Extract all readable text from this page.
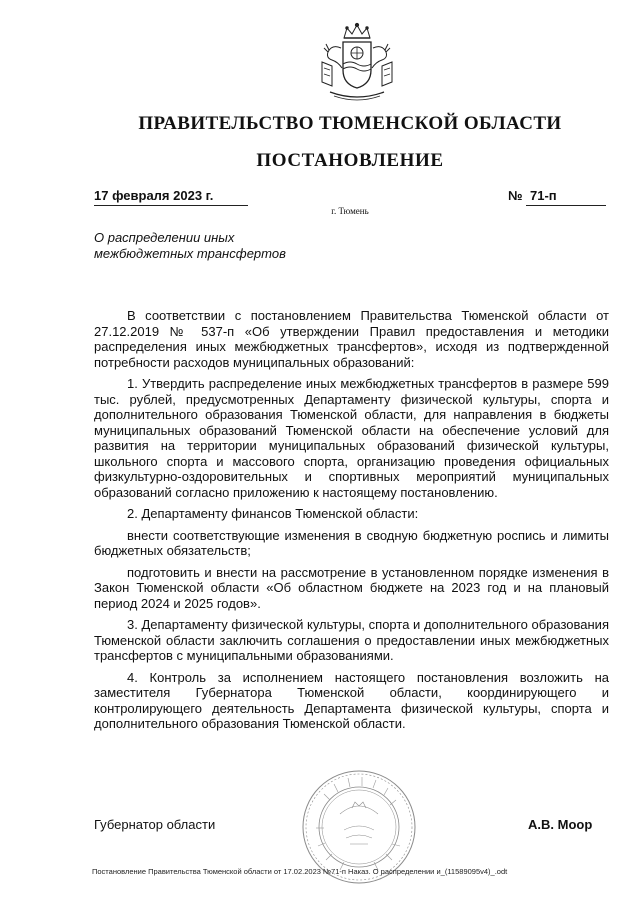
ПРАВИТЕЛЬСТВО ТЮМЕНСКОЙ ОБЛАСТИ
ПОСТАНОВЛЕНИЕ
17 февраля 2023 г.	№ 71-п
г. Тюмень
О распределении иных
межбюджетных трансфертов

В соответствии с постановлением Правительства Тюменской области от 27.12.2019 № 537-п «Об утверждении Правил предоставления и методики распределения иных межбюджетных трансфертов», исходя из подтвержденной потребности расходов муниципальных образований:

1. Утвердить распределение иных межбюджетных трансфертов в размере 599 тыс. рублей, предусмотренных Департаменту физической культуры, спорта и дополнительного образования Тюменской области, для направления в бюджеты муниципальных образований Тюменской области на обеспечение условий для развития на территории муниципальных образований физической культуры, школьного спорта и массового спорта, организацию проведения официальных физкультурно-оздоровительных и спортивных мероприятий муниципальных образований согласно приложению к настоящему постановлению.

2. Департаменту финансов Тюменской области:

внести соответствующие изменения в сводную бюджетную роспись и лимиты бюджетных обязательств;

подготовить и внести на рассмотрение в установленном порядке изменения в Закон Тюменской области «Об областном бюджете на 2023 год и на плановый период 2024 и 2025 годов».

3. Департаменту физической культуры, спорта и дополнительного образования Тюменской области заключить соглашения о предоставлении иных межбюджетных трансфертов с муниципальными образованиями.

4. Контроль за исполнением настоящего постановления возложить на заместителя Губернатора Тюменской области, координирующего и контролирующего деятельность Департамента физической культуры, спорта и дополнительного образования Тюменской области.

Губернатор области	А.В. Моор
Постановление Правительства Тюменской области от 17.02.2023 №71-п Наказ. О распределении и_(11589095v4)_.odt
